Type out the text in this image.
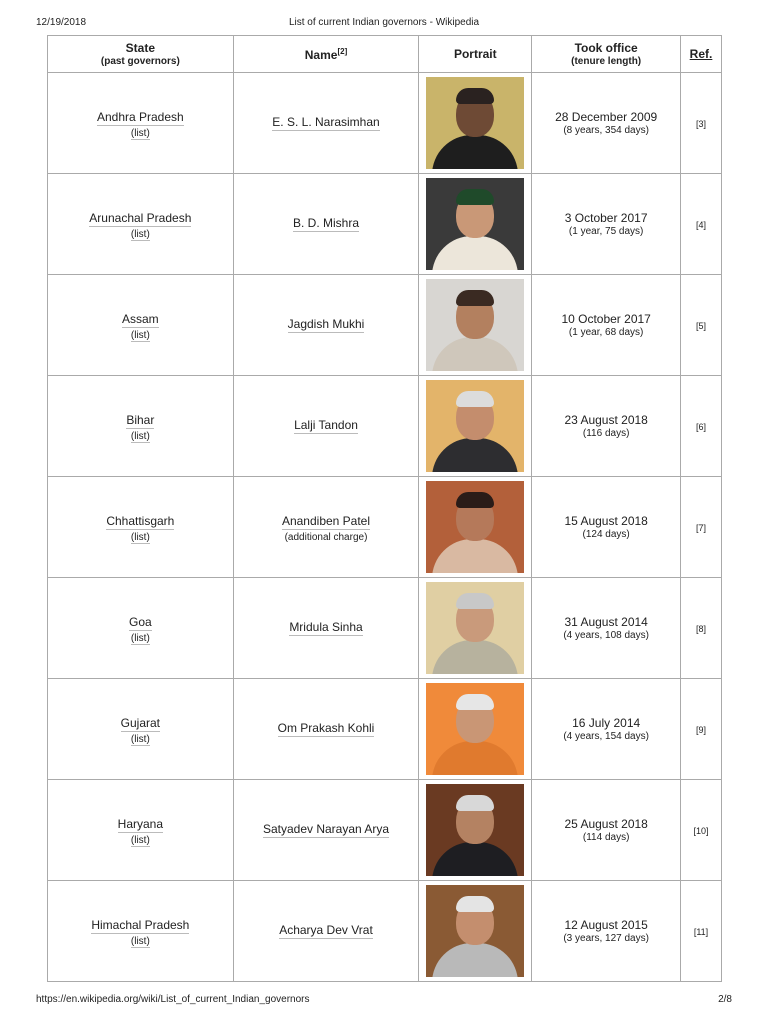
12/19/2018	List of current Indian governors - Wikipedia
State
(past governors)	Name[2]	Portrait	Took office
(tenure length)	Ref.
Andhra Pradesh
(list)	E. S. L. Narasimhan		28 December 2009
(8 years, 354 days)	[3]
Arunachal Pradesh
(list)	B. D. Mishra		3 October 2017
(1 year, 75 days)	[4]
Assam
(list)	Jagdish Mukhi		10 October 2017
(1 year, 68 days)	[5]
Bihar
(list)	Lalji Tandon		23 August 2018
(116 days)	[6]
Chhattisgarh
(list)	Anandiben Patel
(additional charge)		15 August 2018
(124 days)	[7]
Goa
(list)	Mridula Sinha		31 August 2014
(4 years, 108 days)	[8]
Gujarat
(list)	Om Prakash Kohli		16 July 2014
(4 years, 154 days)	[9]
Haryana
(list)	Satyadev Narayan Arya		25 August 2018
(114 days)	[10]
Himachal Pradesh
(list)	Acharya Dev Vrat		12 August 2015
(3 years, 127 days)	[11]
https://en.wikipedia.org/wiki/List_of_current_Indian_governors	2/8
